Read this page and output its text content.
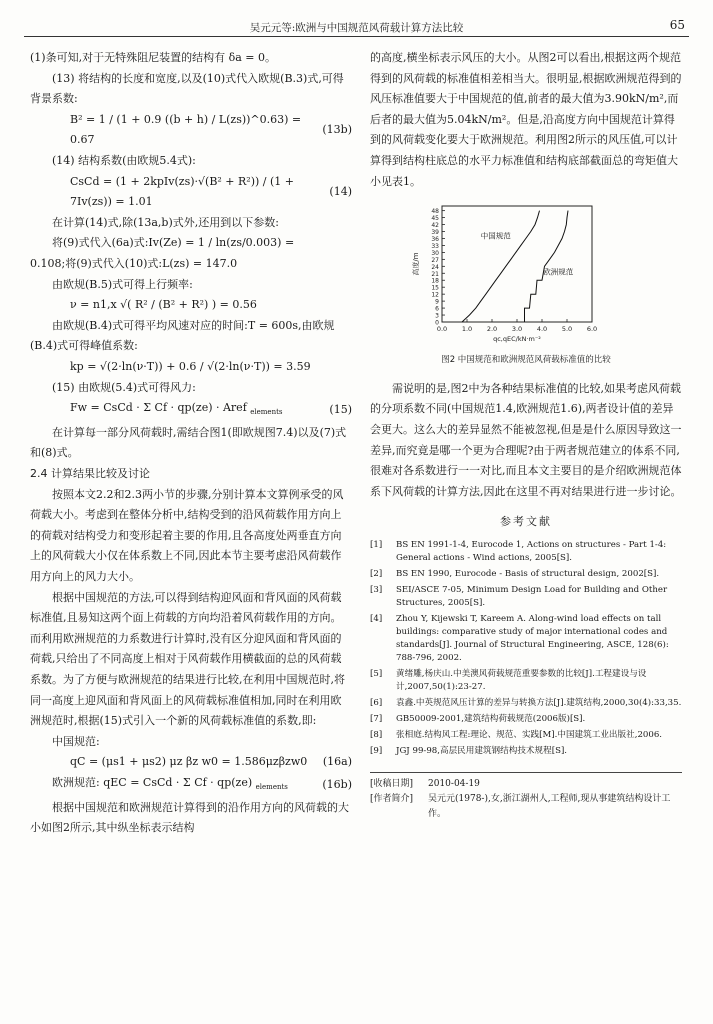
吴元元等:欧洲与中国规范风荷载计算方法比较	65

(1)条可知,对于无特殊阻尼装置的结构有 δa = 0。

(13) 将结构的长度和宽度,以及(10)式代入欧规(B.3)式,可得背景系数:

B² = 1 / (1 + 0.9 ((b + h) / L(zs))^0.63) = 0.67
(13b)

(14) 结构系数(由欧规5.4式):

CsCd = (1 + 2kpIv(zs)·√(B² + R²)) / (1 + 7Iv(zs)) = 1.01
(14)

在计算(14)式,除(13a,b)式外,还用到以下参数:

将(9)式代入(6a)式:Iv(Ze) = 1 / ln(zs/0.003) =

0.108;将(9)式代入(10)式:L(zs) = 147.0

由欧规(B.5)式可得上行频率:

ν = n1,x √( R² / (B² + R²) ) = 0.56

由欧规(B.4)式可得平均风速对应的时间:T = 600s,由欧规(B.4)式可得峰值系数:

kp = √(2·ln(ν·T)) + 0.6 / √(2·ln(ν·T)) = 3.59

(15) 由欧规(5.4)式可得风力:

Fw = CsCd · Σ Cf · qp(ze) · Aref $_{elements}$	(15)

在计算每一部分风荷载时,需结合图1(即欧规图7.4)以及(7)式和(8)式。

2.4 计算结果比较及讨论

按照本文2.2和2.3两小节的步骤,分别计算本文算例承受的风荷载大小。考虑到在整体分析中,结构受到的沿风荷载作用方向上的荷载对结构受力和变形起着主要的作用,且各高度处两垂直方向上的风荷载大小仅在体系数上不同,因此本节主要考虑沿风荷载作用方向上的风力大小。

根据中国规范的方法,可以得到结构迎风面和背风面的风荷载标准值,且易知这两个面上荷载的方向均沿着风荷载作用的方向。而利用欧洲规范的力系数进行计算时,没有区分迎风面和背风面的荷载,只给出了不同高度上相对于风荷载作用横截面的总的风荷载系数。为了方便与欧洲规范的结果进行比较,在利用中国规范时,将同一高度上迎风面和背风面上的风荷载标准值相加,同时在利用欧洲规范时,根据(15)式引入一个新的风荷载标准值的系数,即:

中国规范:

qC = (μs1 + μs2) μz βz w0 = 1.586μzβzw0 (16a)
欧洲规范: qEC = CsCd · Σ Cf · qp(ze) $_{elements}$	(16b)

根据中国规范和欧洲规范计算得到的沿作用方向的风荷载的大小如图2所示,其中纵坐标表示结构

的高度,横坐标表示风压的大小。从图2可以看出,根据这两个规范得到的风荷载的标准值相差相当大。很明显,根据欧洲规范得到的风压标准值要大于中国规范的值,前者的最大值为3.90kN/m²,而后者的最大值为5.04kN/m²。但是,沿高度方向中国规范计算得到的风荷载变化要大于欧洲规范。利用图2所示的风压值,可以计算得到结构柱底总的水平力标准值和结构底部截面总的弯矩值大小见表1。

0
3
6
9
12
15
18
21
24
27
30
33
36
39
42
45
48
0.0 1.0 2.0 3.0 4.0 5.0 6.0
qc,qEC/kN·m⁻²
高度/m
中国规范
欧洲规范
图2 中国规范和欧洲规范风荷载标准值的比较

需说明的是,图2中为各种结果标准值的比较,如果考虑风荷载的分项系数不同(中国规范1.4,欧洲规范1.6),两者设计值的差异会更大。这么大的差异显然不能被忽视,但是是什么原因导致这一差异,而究竟是哪一个更为合理呢?由于两者规范建立的体系不同,很难对各系数进行一一对比,而且本文主要目的是介绍欧洲规范体系下风荷载的计算方法,因此在这里不再对结果进行进一步讨论。

参考文献
[1]	BS EN 1991-1-4, Eurocode 1, Actions on structures - Part 1-4: General actions - Wind actions, 2005[S].
[2]	BS EN 1990, Eurocode - Basis of structural design, 2002[S].
[3]	SEI/ASCE 7-05, Minimum Design Load for Building and Other Structures, 2005[S].
[4]	Zhou Y, Kijewski T, Kareem A. Along-wind load effects on tall buildings: comparative study of major international codes and standards[J]. Journal of Structural Engineering, ASCE, 128(6): 788-796, 2002.
[5]	黄绪雕,杨庆山.中美澳风荷载规范重要参数的比较[J].工程建设与设计,2007,50(1):23-27.
[6]	袁鑫.中英规范风压计算的差异与转换方法[J].建筑结构,2000,30(4):33,35.
[7]	GB50009-2001,建筑结构荷载规范(2006版)[S].
[8]	张相庭.结构风工程:理论、规范、实践[M].中国建筑工业出版社,2006.
[9]	JGJ 99-98,高层民用建筑钢结构技术规程[S].
[收稿日期]	2010-04-19
[作者简介]	吴元元(1978-),女,浙江湖州人,工程师,现从事建筑结构设计工作。
